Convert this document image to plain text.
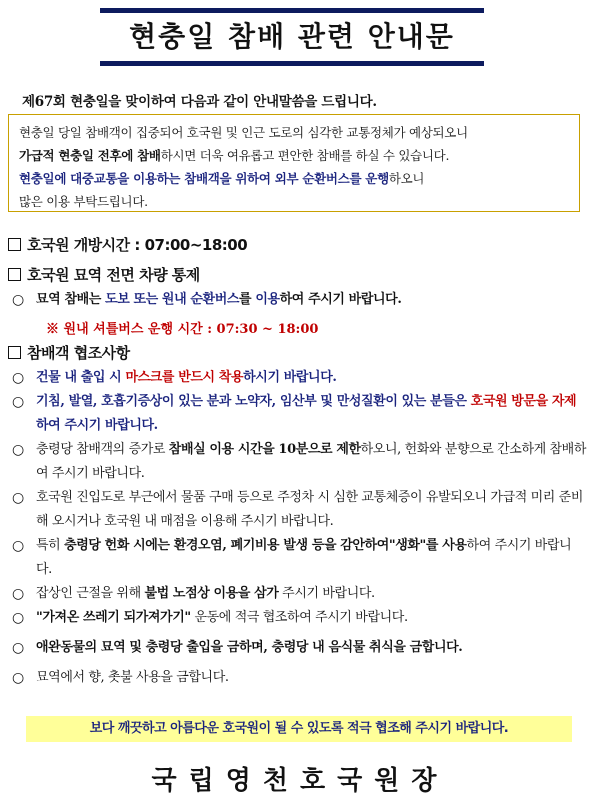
현충일 참배 관련 안내문
제67회 현충일을 맞이하여 다음과 같이 안내말씀을 드립니다.
현충일 당일 참배객이 집중되어 호국원 및 인근 도로의 심각한 교통정체가 예상되오니
가급적 현충일 전후에 참배하시면 더욱 여유롭고 편안한 참배를 하실 수 있습니다.
현충일에 대중교통을 이용하는 참배객을 위하여 외부 순환버스를 운행하오니
많은 이용 부탁드립니다.
호국원 개방시간 : 07:00~18:00
호국원 묘역 전면 차량 통제
○ 묘역 참배는 도보 또는 원내 순환버스를 이용하여 주시기 바랍니다.
※ 원내 셔틀버스 운행 시간 : 07:30 ~ 18:00
참배객 협조사항
○ 건물 내 출입 시 마스크를 반드시 착용하시기 바랍니다.
○ 기침, 발열, 호흡기증상이 있는 분과 노약자, 임산부 및 만성질환이 있는 분들은 호국원 방문을 자제하여 주시기 바랍니다.
○ 충령당 참배객의 증가로 참배실 이용 시간을 10분으로 제한하오니, 헌화와 분향으로 간소하게 참배하여 주시기 바랍니다.
○ 호국원 진입도로 부근에서 물품 구매 등으로 주정차 시 심한 교통체증이 유발되오니 가급적 미리 준비해 오시거나 호국원 내 매점을 이용해 주시기 바랍니다.
○ 특히 충령당 헌화 시에는 환경오염, 폐기비용 발생 등을 감안하여"생화"를 사용하여 주시기 바랍니다.
○ 잡상인 근절을 위해 불법 노점상 이용을 삼가 주시기 바랍니다.
○ "가져온 쓰레기 되가져가기" 운동에 적극 협조하여 주시기 바랍니다.
○ 애완동물의 묘역 및 충령당 출입을 금하며, 충령당 내 음식물 취식을 금합니다.
○ 묘역에서 향, 촛불 사용을 금합니다.
보다 깨끗하고 아름다운 호국원이 될 수 있도록 적극 협조해 주시기 바랍니다.
국립영천호국원장
